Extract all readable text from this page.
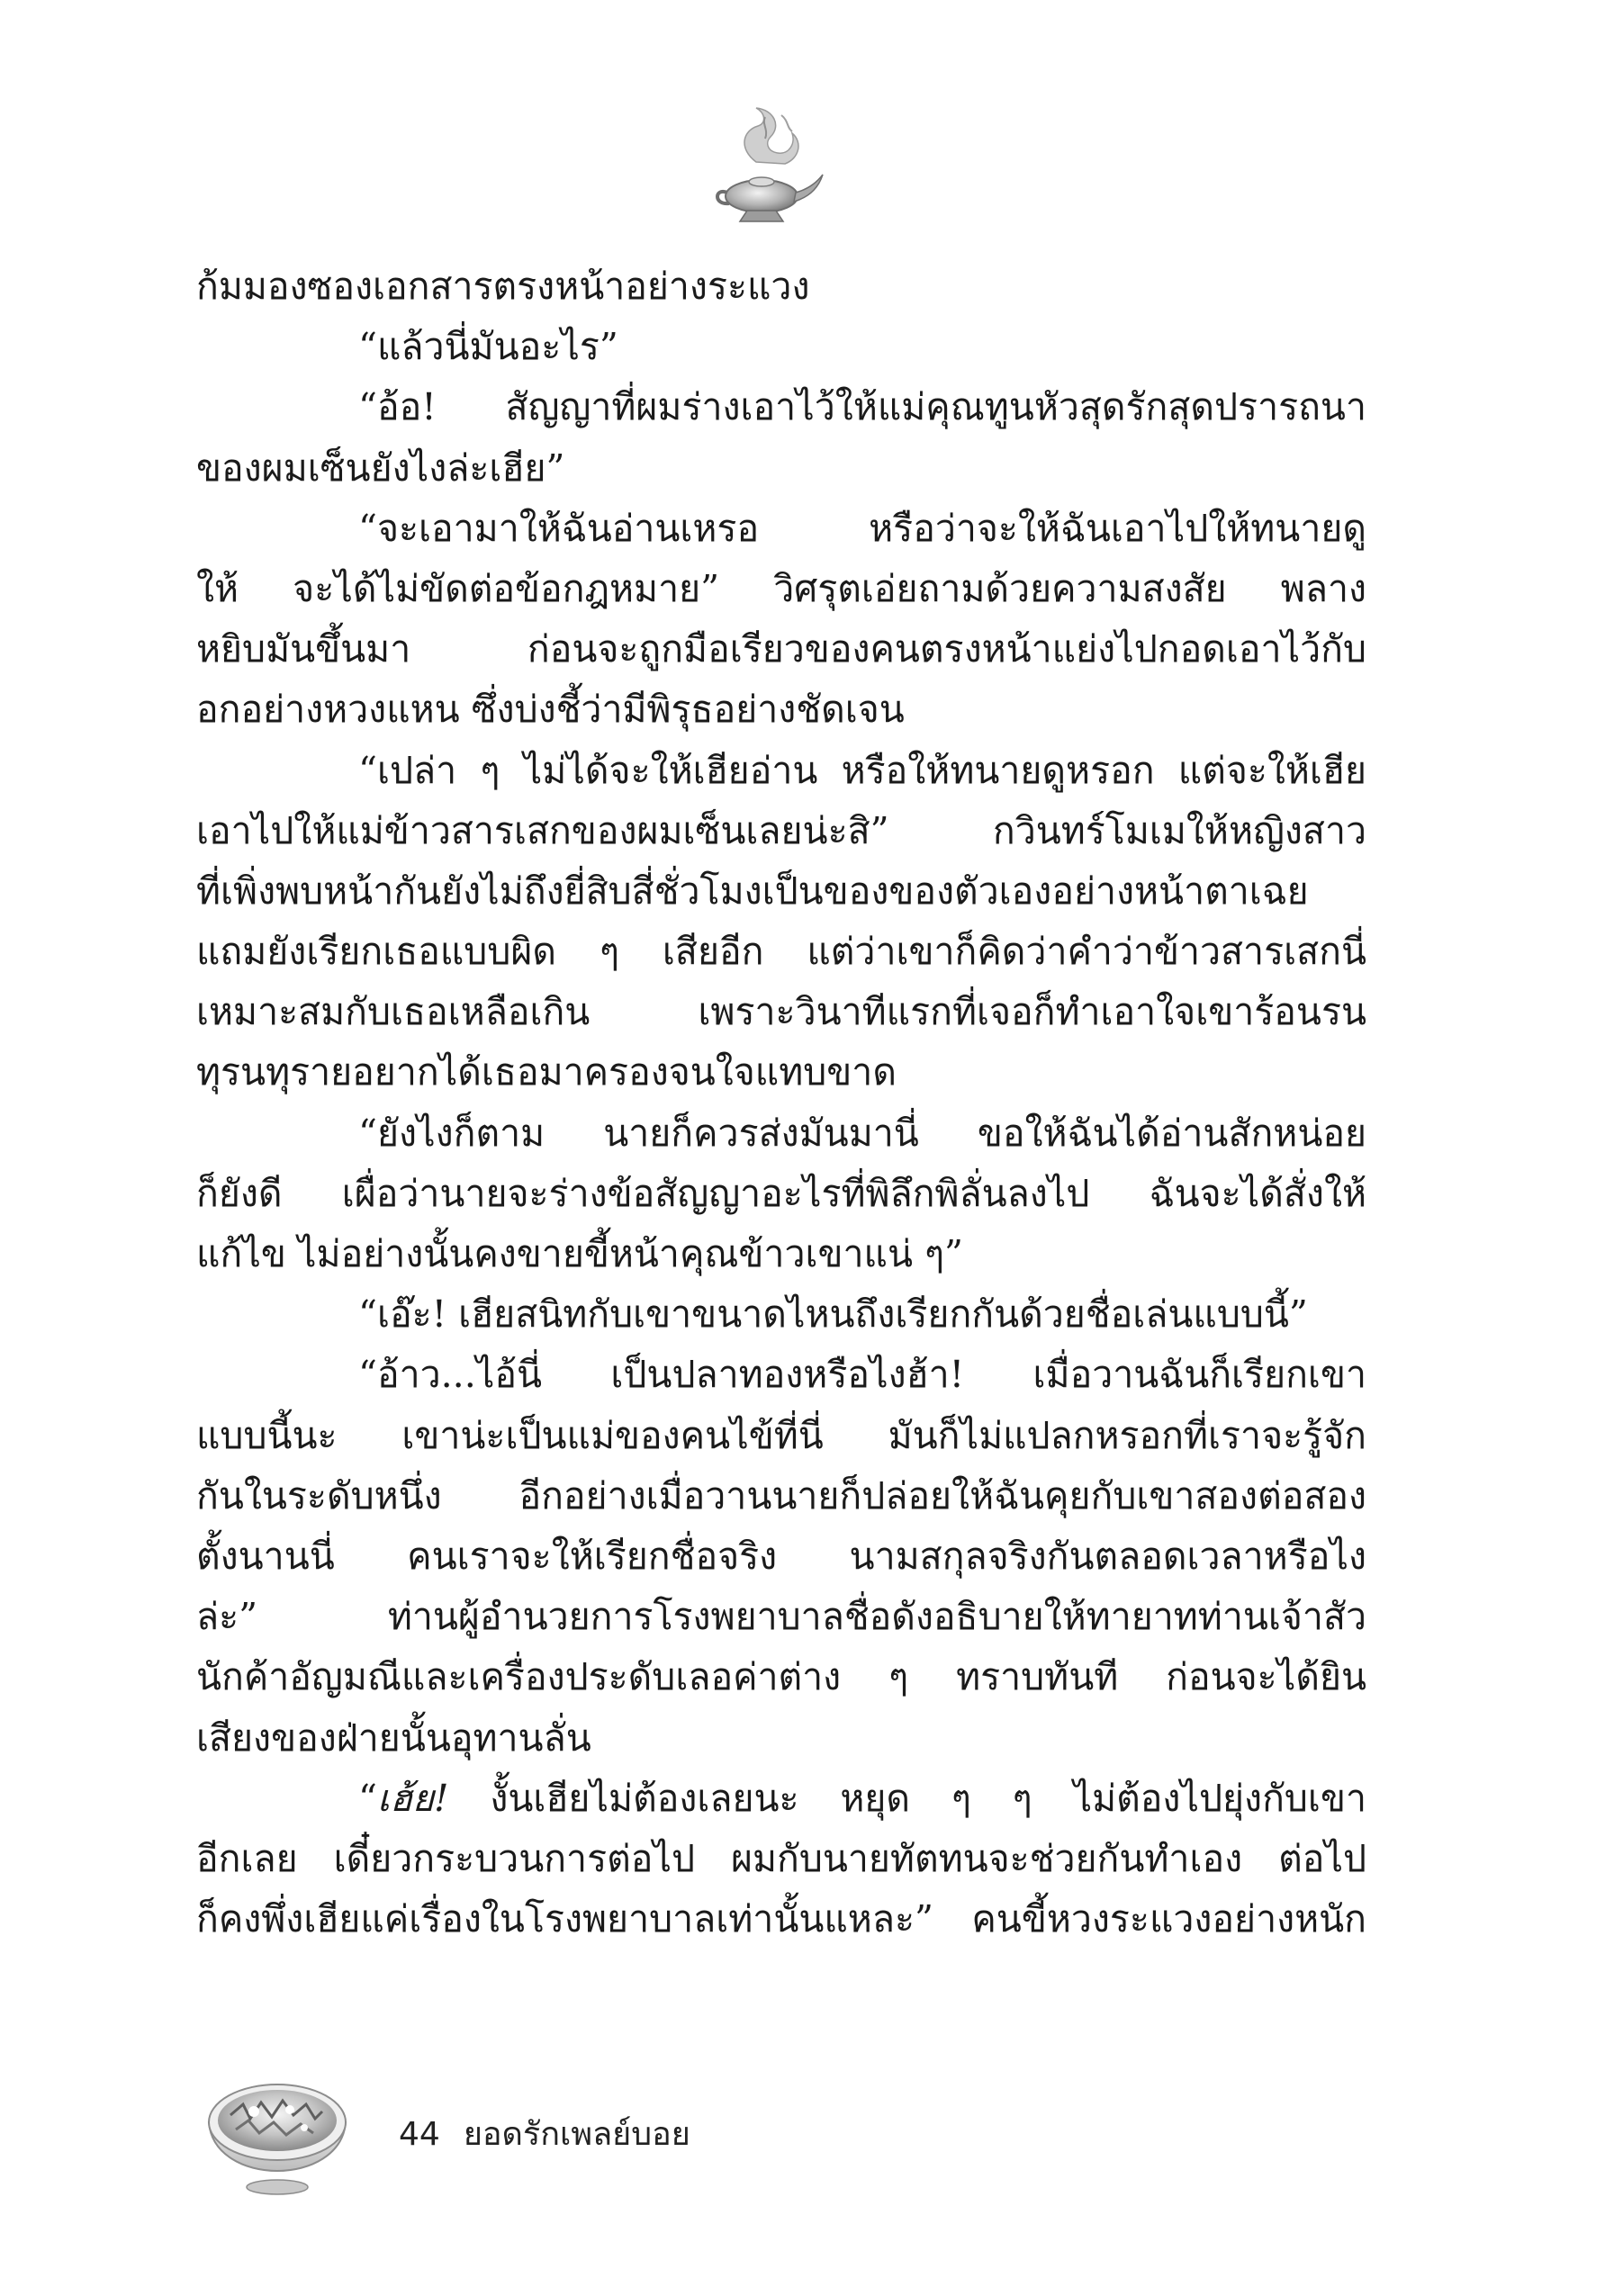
ก้มมองซองเอกสารตรงหน้าอย่างระแวง
“แล้วนี่มันอะไร”
“อ้อ! สัญญาที่ผมร่างเอาไว้ให้แม่คุณทูนหัวสุดรักสุดปรารถนา
ของผมเซ็นยังไงล่ะเฮีย”
“จะเอามาให้ฉันอ่านเหรอ หรือว่าจะให้ฉันเอาไปให้ทนายดู
ให้ จะได้ไม่ขัดต่อข้อกฎหมาย” วิศรุตเอ่ยถามด้วยความสงสัย พลาง
หยิบมันขึ้นมา ก่อนจะถูกมือเรียวของคนตรงหน้าแย่งไปกอดเอาไว้กับ
อกอย่างหวงแหน ซึ่งบ่งชี้ว่ามีพิรุธอย่างชัดเจน
“เปล่า ๆ ไม่ได้จะให้เฮียอ่าน หรือให้ทนายดูหรอก แต่จะให้เฮีย
เอาไปให้แม่ข้าวสารเสกของผมเซ็นเลยน่ะสิ” กวินทร์โมเมให้หญิงสาว
ที่เพิ่งพบหน้ากันยังไม่ถึงยี่สิบสี่ชั่วโมงเป็นของของตัวเองอย่างหน้าตาเฉย
แถมยังเรียกเธอแบบผิด ๆ เสียอีก แต่ว่าเขาก็คิดว่าคำว่าข้าวสารเสกนี่
เหมาะสมกับเธอเหลือเกิน เพราะวินาทีแรกที่เจอก็ทำเอาใจเขาร้อนรน
ทุรนทุรายอยากได้เธอมาครองจนใจแทบขาด
“ยังไงก็ตาม นายก็ควรส่งมันมานี่ ขอให้ฉันได้อ่านสักหน่อย
ก็ยังดี เผื่อว่านายจะร่างข้อสัญญาอะไรที่พิลึกพิลั่นลงไป ฉันจะได้สั่งให้
แก้ไข ไม่อย่างนั้นคงขายขี้หน้าคุณข้าวเขาแน่ ๆ”
“เอ๊ะ! เฮียสนิทกับเขาขนาดไหนถึงเรียกกันด้วยชื่อเล่นแบบนี้”
“อ้าว...ไอ้นี่ เป็นปลาทองหรือไงฮ้า! เมื่อวานฉันก็เรียกเขา
แบบนี้นะ เขาน่ะเป็นแม่ของคนไข้ที่นี่ มันก็ไม่แปลกหรอกที่เราจะรู้จัก
กันในระดับหนึ่ง อีกอย่างเมื่อวานนายก็ปล่อยให้ฉันคุยกับเขาสองต่อสอง
ตั้งนานนี่ คนเราจะให้เรียกชื่อจริง นามสกุลจริงกันตลอดเวลาหรือไง
ล่ะ” ท่านผู้อำนวยการโรงพยาบาลชื่อดังอธิบายให้ทายาทท่านเจ้าสัว
นักค้าอัญมณีและเครื่องประดับเลอค่าต่าง ๆ ทราบทันที ก่อนจะได้ยิน
เสียงของฝ่ายนั้นอุทานลั่น
“เฮ้ย! งั้นเฮียไม่ต้องเลยนะ หยุด ๆ ๆ ไม่ต้องไปยุ่งกับเขา
อีกเลย เดี๋ยวกระบวนการต่อไป ผมกับนายทัตทนจะช่วยกันทำเอง ต่อไป
ก็คงพึ่งเฮียแค่เรื่องในโรงพยาบาลเท่านั้นแหละ” คนขี้หวงระแวงอย่างหนัก
44 ยอดรักเพลย์บอย
